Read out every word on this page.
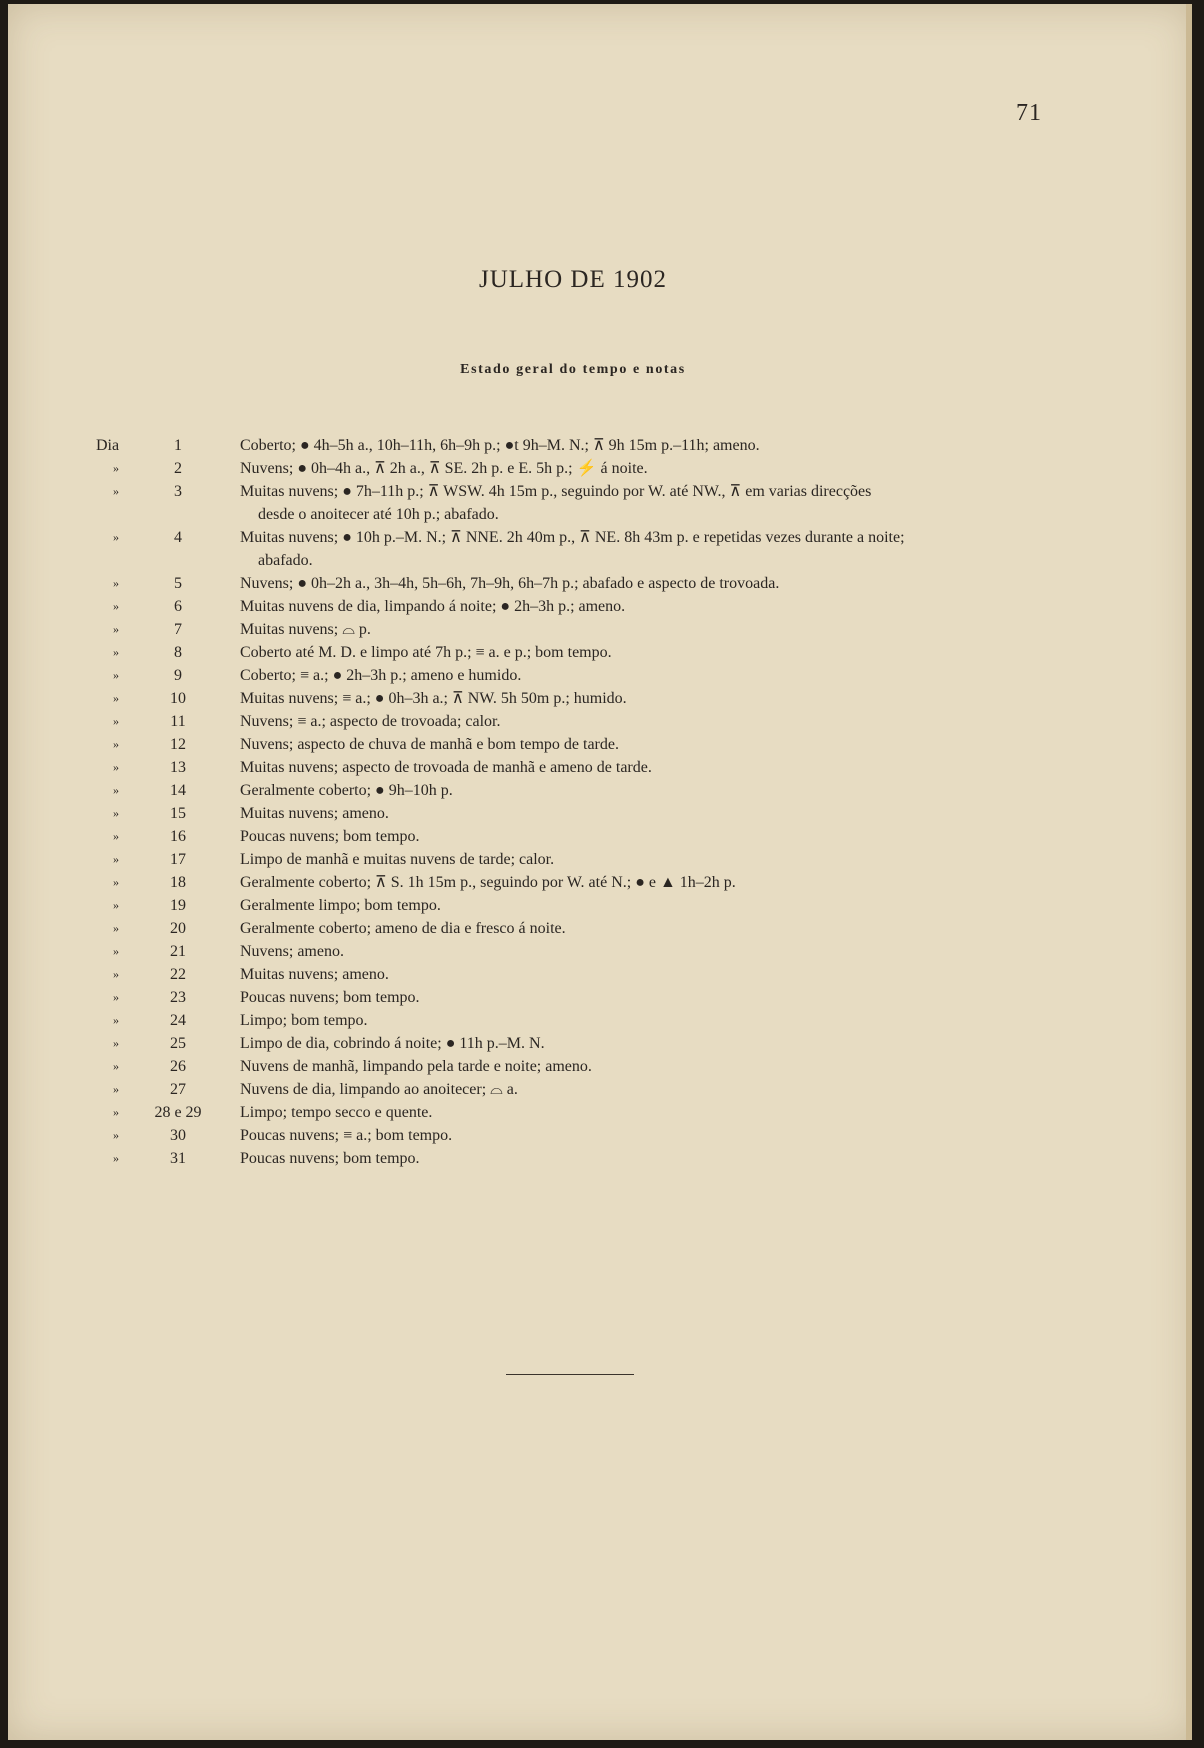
71
JULHO DE 1902
Estado geral do tempo e notas
Dia	1	Coberto; ● 4h–5h a., 10h–11h, 6h–9h p.; ●t 9h–M. N.; ⊼ 9h 15m p.–11h; ameno.
»	2	Nuvens; ● 0h–4h a., ⊼ 2h a., ⊼ SE. 2h p. e E. 5h p.; ⚡ á noite.
»	3	Muitas nuvens; ● 7h–11h p.; ⊼ WSW. 4h 15m p., seguindo por W. até NW., ⊼ em varias direcções
desde o anoitecer até 10h p.; abafado.
»	4	Muitas nuvens; ● 10h p.–M. N.; ⊼ NNE. 2h 40m p., ⊼ NE. 8h 43m p. e repetidas vezes durante a noite;
abafado.
»	5	Nuvens; ● 0h–2h a., 3h–4h, 5h–6h, 7h–9h, 6h–7h p.; abafado e aspecto de trovoada.
»	6	Muitas nuvens de dia, limpando á noite; ● 2h–3h p.; ameno.
»	7	Muitas nuvens; ⌓ p.
»	8	Coberto até M. D. e limpo até 7h p.; ≡ a. e p.; bom tempo.
»	9	Coberto; ≡ a.; ● 2h–3h p.; ameno e humido.
»	10	Muitas nuvens; ≡ a.; ● 0h–3h a.; ⊼ NW. 5h 50m p.; humido.
»	11	Nuvens; ≡ a.; aspecto de trovoada; calor.
»	12	Nuvens; aspecto de chuva de manhã e bom tempo de tarde.
»	13	Muitas nuvens; aspecto de trovoada de manhã e ameno de tarde.
»	14	Geralmente coberto; ● 9h–10h p.
»	15	Muitas nuvens; ameno.
»	16	Poucas nuvens; bom tempo.
»	17	Limpo de manhã e muitas nuvens de tarde; calor.
»	18	Geralmente coberto; ⊼ S. 1h 15m p., seguindo por W. até N.; ● e ▲ 1h–2h p.
»	19	Geralmente limpo; bom tempo.
»	20	Geralmente coberto; ameno de dia e fresco á noite.
»	21	Nuvens; ameno.
»	22	Muitas nuvens; ameno.
»	23	Poucas nuvens; bom tempo.
»	24	Limpo; bom tempo.
»	25	Limpo de dia, cobrindo á noite; ● 11h p.–M. N.
»	26	Nuvens de manhã, limpando pela tarde e noite; ameno.
»	27	Nuvens de dia, limpando ao anoitecer; ⌓ a.
»	28 e 29	Limpo; tempo secco e quente.
»	30	Poucas nuvens; ≡ a.; bom tempo.
»	31	Poucas nuvens; bom tempo.
